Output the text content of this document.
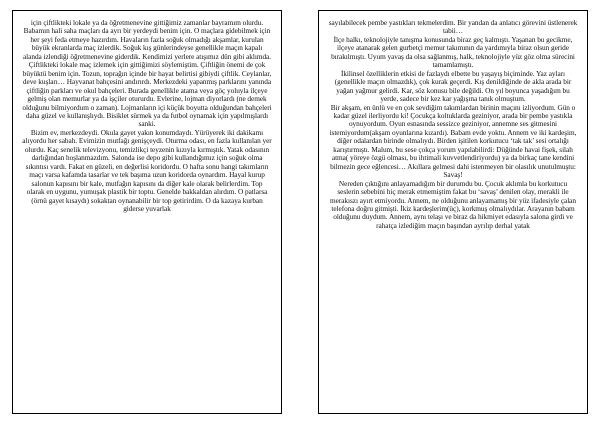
için çiftlikteki lokale ya da öğretmenevine gittiğimiz zamanlar bayramım olurdu. Babamın hali saha maçları da ayrı bir yerdeydi benim için. O maçlara gidebilmek için her şeyi feda etmeye hazırdım. Havaların fazla soğuk olmadığı akşamlar, kurulan büyük ekranlarda maç izlerdik. Soğuk kış günlerindeyse genellikle maçın kapalı alanda izlendiği öğretmenevine giderdik. Kendimizi yerlere atışımız dün gibi aklımda.

Çiftlikteki lokale maç izlemek için gittiğimizi söylemiştim. Çiftliğin önemi de çok büyüktü benim için. Tozun, toprağın içinde bir hayat belirtisi gibiydi çiftlik. Ceylanlar, deve kuşları… Hayvanat bahçesini andırırdı. Merkezdeki yapanmış parklarını yanında çiftliğin parkları ve okul bahçeleri. Burada genellikle atama veya göç yoluyla ilçeye gelmiş olan memurlar ya da işçiler otururdu. Evlerine, lojman diyorlardı (ne demek olduğunu bilmiyordum o zaman). Lojmanların içi küçük boyutta olduğundan bahçeleri daha güzel ve kullanışlıydı. Bisiklet sürmek ya da futbol oynamak için yapılmışlardı sanki.

Bizim ev, merkezdeydi. Okula gayet yakın konumdaydı. Yürüyerek iki dakikamı alıyordu her sabah. Evimizin mutfağı genişçeydi. Oturma odası, en fazla kullanılan yer olurdu. Kaç senelik televizyonu, temizlikçi teyzenin kızıyla kırmıştık. Yatak odasının darlığından hoşlanmazdım. Salonda ise depo gibi kullandığımız için soğuk olma sıkıntısı vardı. Fakat en güzeli, en değerlisi koridordu. O hafta sonu hangi takımların maçı varsa kafamda tasarlar ve tek başıma uzun koridorda oynardım. Hayal kurup salonun kapısını bir kale, mutfağın kapısını da diğer kale olarak belirlerdim. Top olarak en uygunu, yumuşak plastik bir toptu. Genelde bakkaldan alırdım. O patlarsa (örnü gayet kısaydı) sokaktan oynanabilir bir top getirirdim. O da kazaya kurban giderse yuvarlak

sayılabilecek pembe yastıkları tekmelerdim. Bir yandan da anlatıcı görevini üstlenerek tabii…

İlçe halkı, teknolojiyle tanışma konusunda biraz geç kalmıştı. Yaşanan bu gecikme, ilçeye atanarak gelen gurbetçi memur takımının da yardımıyla biraz olsun geride bırakılmıştı. Uyum yavaş da olsa sağlanmış, halk, teknolojiyle yüz göz olma sürecini tamamlamıştı.

İkilinsel özelliklerin etkisi de fazlaydı elbette bu yaşayış biçiminde. Yaz ayları (genellikle maçın olmazdık), çok kurak geçerdi. Kış denildiğinde de akla arada bir yağan yağmur gelirdi. Kar, söz konusu bile değildi. On yıl boyunca yaşadığım bu yerde, sadece bir kez kar yağışına tanık olmuştum.

Bir akşam, en ünlü ve en çok sevdiğim takımlardan birinin maçını izliyordum. Gün o kadar güzel ilerliyordu ki! Çocukça koltuklarda geziniyor, arada bir pembe yastıkla oynuyordum. Oyun esnasında sessizce geziniyor, annemne ses gitmesini istemiyordum(akşam oyunlarına kızardı). Babam evde yoktu. Annem ve iki kardeşim, diğer odalardan birinde olmalıydı. Birden işitilen korkutucu ‘tak tak’ sesi ortalığı karıştırmıştı. Malum, bu sese çokça yorum yapılabilirdi: Düğünde havai fişek, silah atma( yöreye özgü olması, bu ihtimali kuvvetlendiriyordu) ya da birkaç tane kendini bilmezin gece eğlencesi… Akıllara gelmesi dahi istenmeyen bir olasılık unutulmuştu: Savaş!

Nereden çıktığını anlayamadığım bir durumdu bu. Çocuk aklımla bu korkutucu seslerin sebebini hiç merak etmemiştim fakat bu ‘savaş’ denilen olay, merakli ile merakıszı ayırt etmiyordu. Annem, ne olduğunu anlayamamış bir yüz ifadesiyle çalan telefona doğru gitmişti. İkiz kardeşlerim(üç), korkmuş olmalıydılar. Arayanın babam olduğunu duydum. Annem, aynı telaşı ve biraz da hikmiyet edasıyla salona girdi ve rahatça izlediğim maçın başından ayrılıp derhal yatak
